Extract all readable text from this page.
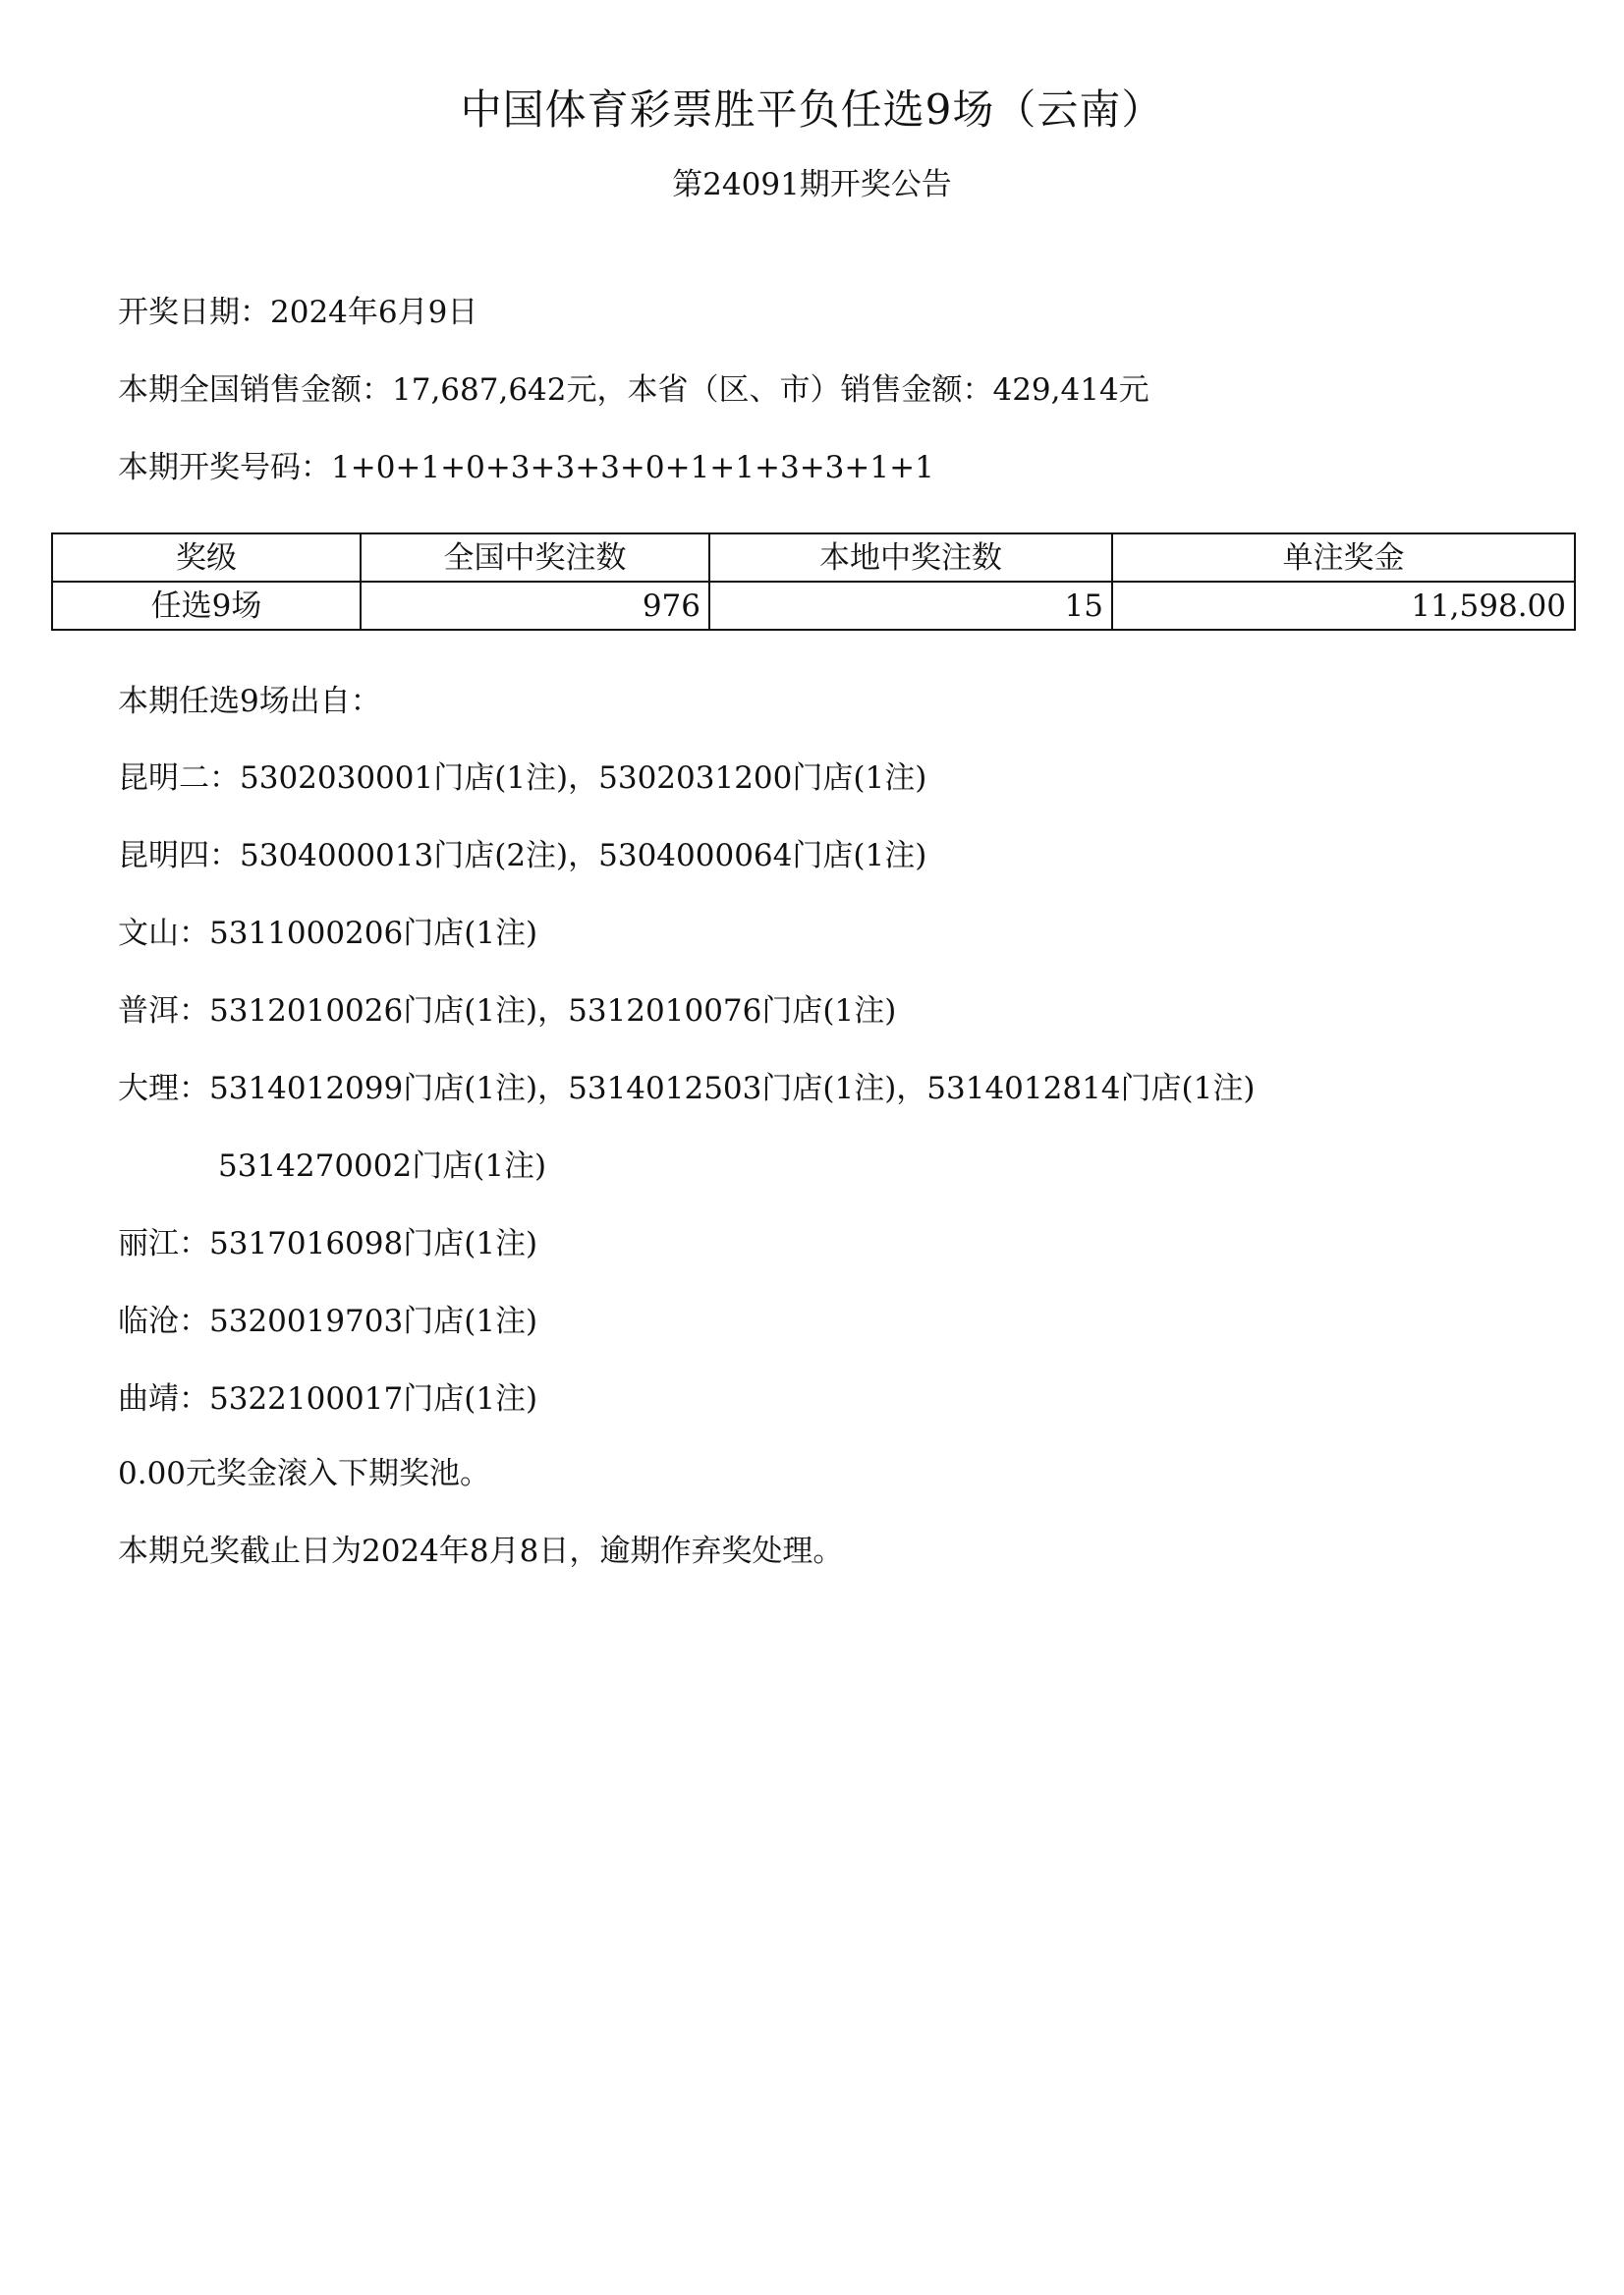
中国体育彩票胜平负任选9场（云南）
第24091期开奖公告
开奖日期：2024年6月9日
本期全国销售金额：17,687,642元，本省（区、市）销售金额：429,414元
本期开奖号码：1+0+1+0+3+3+3+0+1+1+3+3+1+1
奖级	全国中奖注数	本地中奖注数	单注奖金
任选9场	976	15	11,598.00
本期任选9场出自：
昆明二：5302030001门店(1注)，5302031200门店(1注)
昆明四：5304000013门店(2注)，5304000064门店(1注)
文山：5311000206门店(1注)
普洱：5312010026门店(1注)，5312010076门店(1注)
大理：5314012099门店(1注)，5314012503门店(1注)，5314012814门店(1注)
5314270002门店(1注)
丽江：5317016098门店(1注)
临沧：5320019703门店(1注)
曲靖：5322100017门店(1注)
0.00元奖金滚入下期奖池。
本期兑奖截止日为2024年8月8日，逾期作弃奖处理。
